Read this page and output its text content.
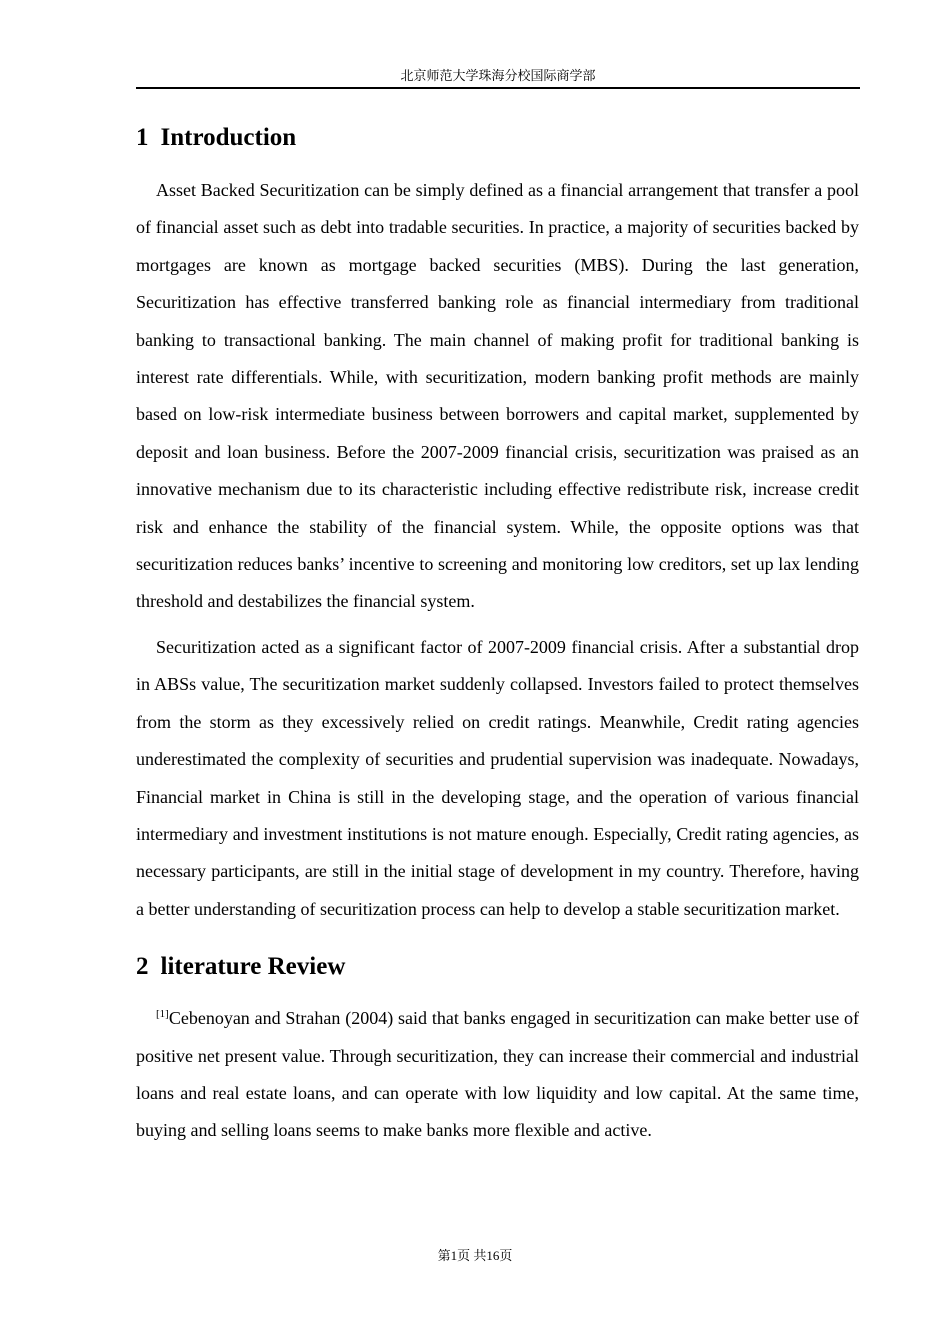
北京师范大学珠海分校国际商学部
1 Introduction

Asset Backed Securitization can be simply defined as a financial arrangement that transfer a pool of financial asset such as debt into tradable securities. In practice, a majority of securities backed by mortgages are known as mortgage backed securities (MBS). During the last generation, Securitization has effective transferred banking role as financial intermediary from traditional banking to transactional banking. The main channel of making profit for traditional banking is interest rate differentials. While, with securitization, modern banking profit methods are mainly based on low-risk intermediate business between borrowers and capital market, supplemented by deposit and loan business. Before the 2007-2009 financial crisis, securitization was praised as an innovative mechanism due to its characteristic including effective redistribute risk, increase credit risk and enhance the stability of the financial system. While, the opposite options was that securitization reduces banks’ incentive to screening and monitoring low creditors, set up lax lending threshold and destabilizes the financial system.

Securitization acted as a significant factor of 2007-2009 financial crisis. After a substantial drop in ABSs value, The securitization market suddenly collapsed. Investors failed to protect themselves from the storm as they excessively relied on credit ratings. Meanwhile, Credit rating agencies underestimated the complexity of securities and prudential supervision was inadequate. Nowadays, Financial market in China is still in the developing stage, and the operation of various financial intermediary and investment institutions is not mature enough. Especially, Credit rating agencies, as necessary participants, are still in the initial stage of development in my country. Therefore, having a better understanding of securitization process can help to develop a stable securitization market.

2 literature Review

[1]Cebenoyan and Strahan (2004) said that banks engaged in securitization can make better use of positive net present value. Through securitization, they can increase their commercial and industrial loans and real estate loans, and can operate with low liquidity and low capital. At the same time, buying and selling loans seems to make banks more flexible and active.

第1页 共16页
